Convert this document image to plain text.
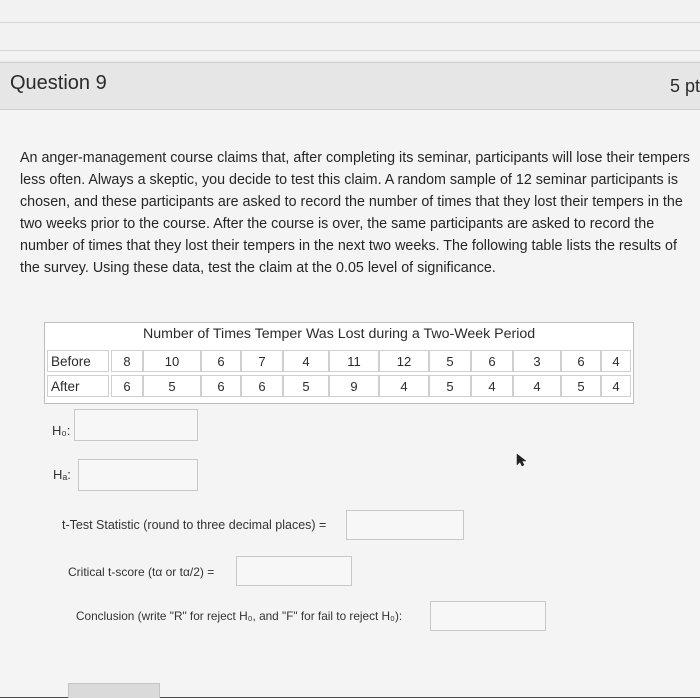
Question 9	5 pt
An anger-management course claims that, after completing its seminar, participants will lose their tempers less often. Always a skeptic, you decide to test this claim. A random sample of 12 seminar participants is chosen, and these participants are asked to record the number of times that they lost their tempers in the two weeks prior to the course. After the course is over, the same participants are asked to record the number of times that they lost their tempers in the next two weeks. The following table lists the results of the survey. Using these data, test the claim at the 0.05 level of significance.
Number of Times Temper Was Lost during a Two-Week Period
Before	8	10	6	7	4	11	12	5	6	3	6	4
After	6	5	6	6	5	9	4	5	4	4	5	4
H₀:
Hₐ:
t-Test Statistic (round to three decimal places) =
Critical t-score (tα or tα/2) =
Conclusion (write "R" for reject H₀, and "F" for fail to reject H₀):
